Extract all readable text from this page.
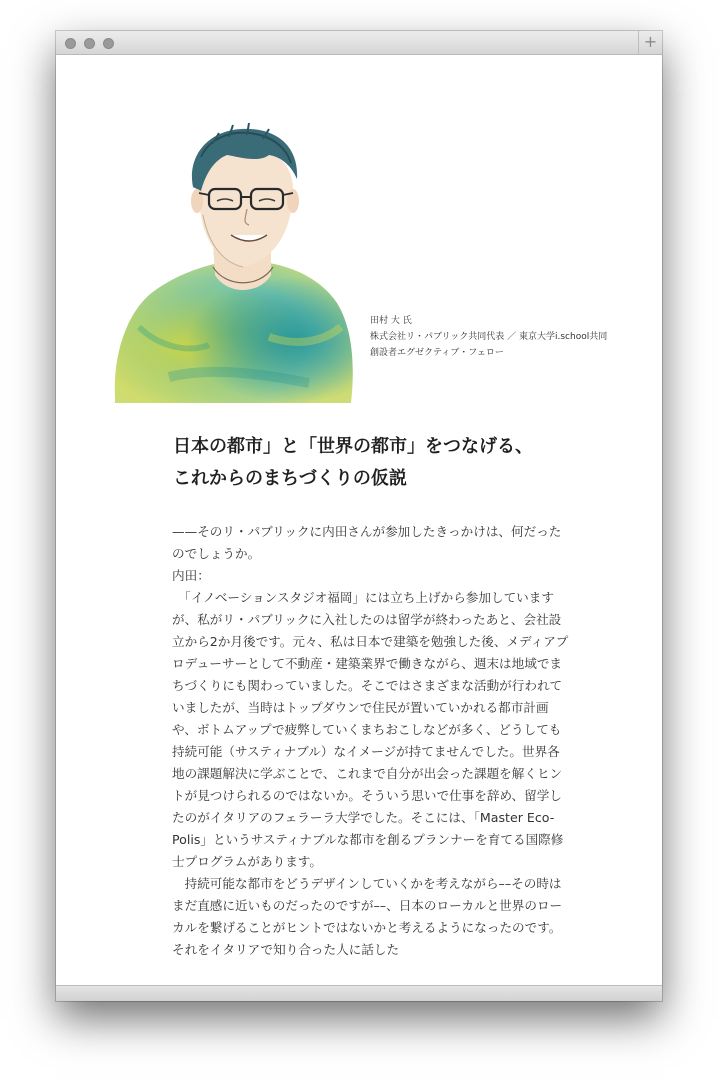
+
田村 大 氏
株式会社リ・パブリック共同代表 ／ 東京大学i.school共同
創設者エグゼクティブ・フェロー
日本の都市」と「世界の都市」をつなげる、
これからのまちづくりの仮説

——そのリ・パブリックに内田さんが参加したきっかけは、何だったのでしょうか。

内田：

　「イノベーションスタジオ福岡」には立ち上げから参加していますが、私がリ・パブリックに入社したのは留学が終わったあと、会社設立から2か月後です。元々、私は日本で建築を勉強した後、メディアプロデューサーとして不動産・建築業界で働きながら、週末は地域でまちづくりにも関わっていました。そこではさまざまな活動が行われていましたが、当時はトップダウンで住民が置いていかれる都市計画や、ボトムアップで疲弊していくまちおこしなどが多く、どうしても持続可能（サスティナブル）なイメージが持てませんでした。世界各地の課題解決に学ぶことで、これまで自分が出会った課題を解くヒントが見つけられるのではないか。そういう思いで仕事を辞め、留学したのがイタリアのフェラーラ大学でした。そこには、「Master Eco-Polis」というサスティナブルな都市を創るプランナーを育てる国際修士プログラムがあります。

　持続可能な都市をどうデザインしていくかを考えながら––その時はまだ直感に近いものだったのですが––、日本のローカルと世界のローカルを繋げることがヒントではないかと考えるようになったのです。それをイタリアで知り合った人に話した
